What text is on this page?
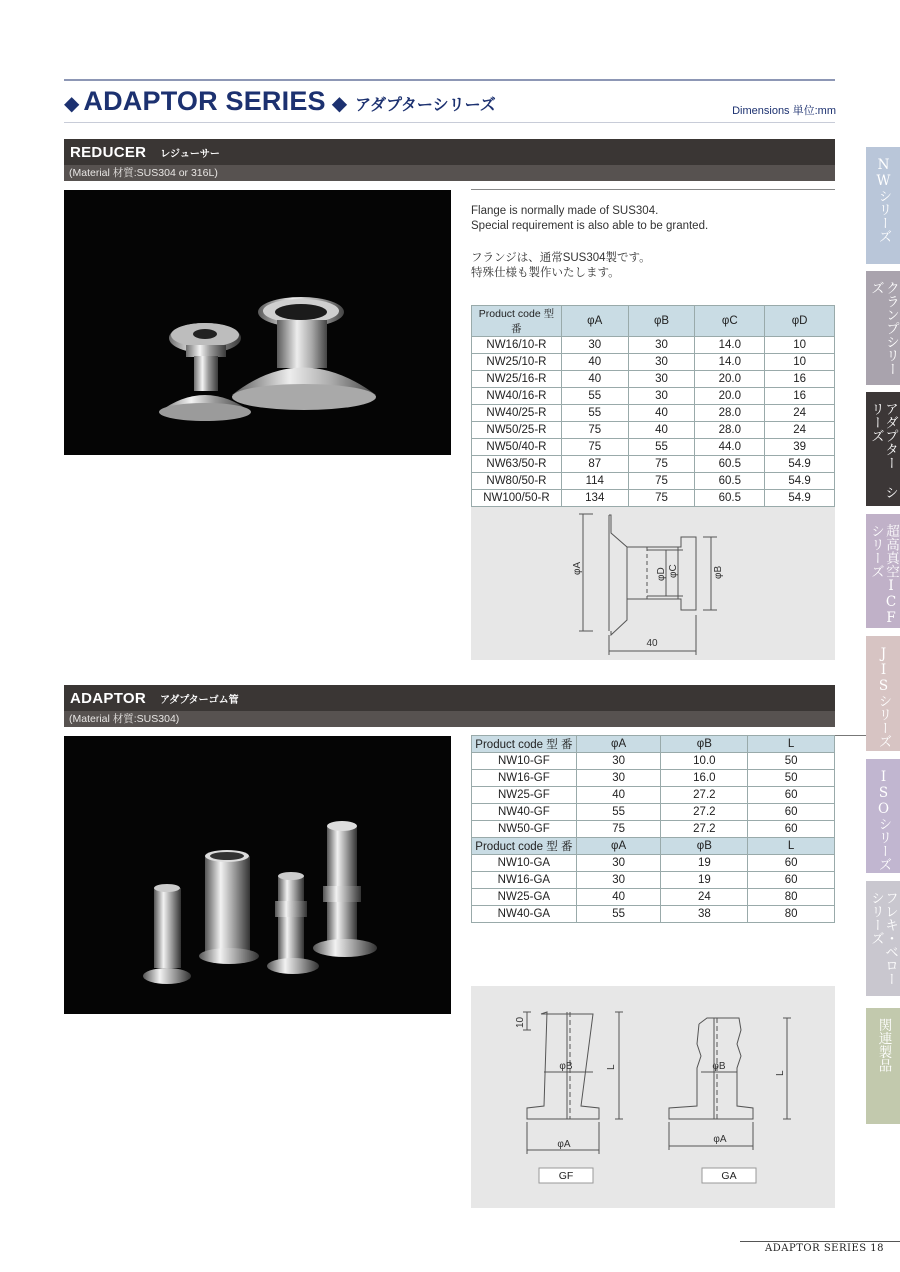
◆ ADAPTOR SERIES ◆ アダプターシリーズ	Dimensions 単位:mm
REDUCER レジューサー
(Material 材質:SUS304 or 316L)
Flange is normally made of SUS304.
Special requirement is also able to be granted.
フランジは、通常SUS304製です。
特殊仕様も製作いたします。
Product code 型番	φA	φB	φC	φD
NW16/10-R	30	30	14.0	10
NW25/10-R	40	30	14.0	10
NW25/16-R	40	30	20.0	16
NW40/16-R	55	30	20.0	16
NW40/25-R	55	40	28.0	24
NW50/25-R	75	40	28.0	24
NW50/40-R	75	55	44.0	39
NW63/50-R	87	75	60.5	54.9
NW80/50-R	114	75	60.5	54.9
NW100/50-R	134	75	60.5	54.9
φA	φD φC	φB
40
ADAPTOR アダプターゴム管
(Material 材質:SUS304)
Product code 型 番	φA	φB	L
NW10-GF	30	10.0	50
NW16-GF	30	16.0	50
NW25-GF	40	27.2	60
NW40-GF	55	27.2	60
NW50-GF	75	27.2	60
Product code 型 番	φA	φB	L
NW10-GA	30	19	60
NW16-GA	30	19	60
NW25-GA	40	24	80
NW40-GA	55	38	80
10
φB	L
φA
φB
L
φA
GF	GA
NWシリーズ
クランプシリーズ
アダプター シリーズ
超高真空ICFシリーズ
JISシリーズ
ISOシリーズ
フレキ・ベロー シリーズ
関連製品
ADAPTOR SERIES 18
